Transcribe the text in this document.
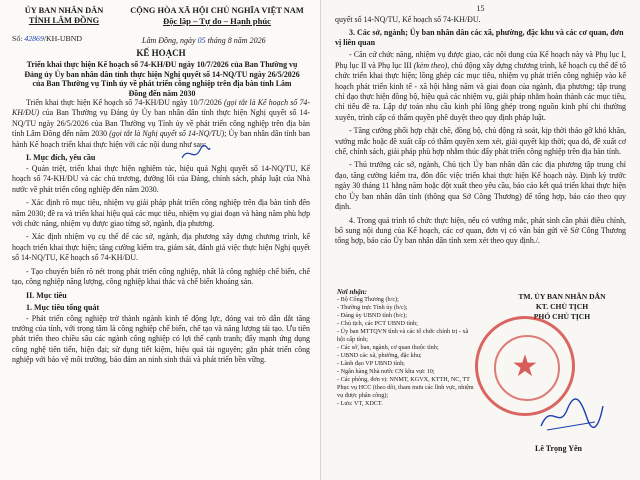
ỦY BAN NHÂN DÂN
TỈNH LÂM ĐỒNG
CỘNG HÒA XÃ HỘI CHỦ NGHĨA VIỆT NAM
Độc lập – Tự do – Hạnh phúc
Số: 42869/KH-UBND	Lâm Đồng, ngày 05 tháng 8 năm 2026
KẾ HOẠCH
Triển khai thực hiện Kế hoạch số 74-KH/ĐU ngày 10/7/2026 của Ban Thường vụ Đảng ủy Ủy ban nhân dân tỉnh thực hiện Nghị quyết số 14-NQ/TU ngày 26/5/2026 của Ban Thường vụ Tỉnh ủy về phát triển công nghiệp trên địa bàn tỉnh Lâm Đồng đến năm 2030

Triển khai thực hiện Kế hoạch số 74-KH/ĐU ngày 10/7/2026 (gọi tắt là Kế hoạch số 74-KH/ĐU) của Ban Thường vụ Đảng ủy Ủy ban nhân dân tỉnh thực hiện Nghị quyết số 14-NQ/TU ngày 26/5/2026 của Ban Thường vụ Tỉnh ủy về phát triển công nghiệp trên địa bàn tỉnh Lâm Đồng đến năm 2030 (gọi tắt là Nghị quyết số 14-NQ/TU); Ủy ban nhân dân tỉnh ban hành Kế hoạch triển khai thực hiện với các nội dung như sau:

I. Mục đích, yêu cầu

- Quán triệt, triển khai thực hiện nghiêm túc, hiệu quả Nghị quyết số 14-NQ/TU, Kế hoạch số 74-KH/ĐU và các chủ trương, đường lối của Đảng, chính sách, pháp luật của Nhà nước về phát triển công nghiệp đến năm 2030.

- Xác định rõ mục tiêu, nhiệm vụ giải pháp phát triển công nghiệp trên địa bàn tỉnh đến năm 2030; đề ra và triển khai hiệu quả các mục tiêu, nhiệm vụ giai đoạn và hàng năm phù hợp với chức năng, nhiệm vụ được giao từng sở, ngành, địa phương.

- Xác định nhiệm vụ cụ thể để các sở, ngành, địa phương xây dựng chương trình, kế hoạch triển khai thực hiện; tăng cường kiểm tra, giám sát, đánh giá việc thực hiện Nghị quyết số 14-NQ/TU, Kế hoạch số 74-KH/ĐU.

- Tạo chuyển biến rõ nét trong phát triển công nghiệp, nhất là công nghiệp chế biến, chế tạo, công nghiệp năng lượng, công nghiệp khai thác và chế biến khoáng sản.

II. Mục tiêu
1. Mục tiêu tổng quát

- Phát triển công nghiệp trở thành ngành kinh tế động lực, đóng vai trò dẫn dắt tăng trưởng của tỉnh, với trọng tâm là công nghiệp chế biến, chế tạo và năng lượng tái tạo. Ưu tiên phát triển theo chiều sâu các ngành công nghiệp có lợi thế cạnh tranh; đẩy mạnh ứng dụng công nghệ tiên tiến, hiện đại; sử dụng tiết kiệm, hiệu quả tài nguyên; gắn phát triển công nghiệp với bảo vệ môi trường, bảo đảm an ninh sinh thái và phát triển bền vững.

15

quyết số 14-NQ/TU, Kế hoạch số 74-KH/ĐU.

3. Các sở, ngành; Ủy ban nhân dân các xã, phường, đặc khu và các cơ quan, đơn vị liên quan

- Căn cứ chức năng, nhiệm vụ được giao, các nội dung của Kế hoạch này và Phụ lục I, Phụ lục II và Phụ lục III (kèm theo), chủ động xây dựng chương trình, kế hoạch cụ thể để tổ chức triển khai thực hiện; lồng ghép các mục tiêu, nhiệm vụ phát triển công nghiệp vào kế hoạch phát triển kinh tế - xã hội hằng năm và giai đoạn của ngành, địa phương; tập trung chỉ đạo thực hiện đồng bộ, hiệu quả các nhiệm vụ, giải pháp nhằm hoàn thành các mục tiêu, chỉ tiêu đề ra. Lập dự toán nhu cầu kinh phí lồng ghép trong nguồn kinh phí chi thường xuyên, trình cấp có thẩm quyền phê duyệt theo quy định pháp luật.

- Tăng cường phối hợp chặt chẽ, đồng bộ, chủ động rà soát, kịp thời tháo gỡ khó khăn, vướng mắc hoặc đề xuất cấp có thẩm quyền xem xét, giải quyết kịp thời; qua đó, đề xuất cơ chế, chính sách, giải pháp phù hợp nhằm thúc đẩy phát triển công nghiệp trên địa bàn tỉnh.

- Thủ trưởng các sở, ngành, Chủ tịch Ủy ban nhân dân các địa phương tập trung chỉ đạo, tăng cường kiểm tra, đôn đốc việc triển khai thực hiện Kế hoạch này. Định kỳ trước ngày 30 tháng 11 hằng năm hoặc đột xuất theo yêu cầu, báo cáo kết quả triển khai thực hiện cho Ủy ban nhân dân tỉnh (thông qua Sở Công Thương) để tổng hợp, báo cáo theo quy định.

4. Trong quá trình tổ chức thực hiện, nếu có vướng mắc, phát sinh cần phải điều chỉnh, bổ sung nội dung của Kế hoạch, các cơ quan, đơn vị có văn bản gửi về Sở Công Thương tổng hợp, báo cáo Ủy ban nhân dân tỉnh xem xét theo quy định./.

Nơi nhận:
- Bộ Công Thương (b/c);
- Thường trực Tỉnh ủy (b/c);
- Đảng ủy UBND tỉnh (b/c);
- Chủ tịch, các PCT UBND tỉnh;
- Ủy ban MTTQVN tỉnh và các tổ chức chính trị - xã hội cấp tỉnh;
- Các sở, ban, ngành, cơ quan thuộc tỉnh;
- UBND các xã, phường, đặc khu;
- Lãnh đạo VP UBND tỉnh;
- Ngân hàng Nhà nước CN khu vực 10;
- Các phòng, đơn vị: NNMT, KGVX, KTTH, NC, TT Phục vụ HCC (theo dõi, tham mưu các lĩnh vực, nhiệm vụ được phân công);
- Lưu: VT, XDCT.
TM. ỦY BAN NHÂN DÂN
KT. CHỦ TỊCH
PHÓ CHỦ TỊCH
★
Lê Trọng Yên
